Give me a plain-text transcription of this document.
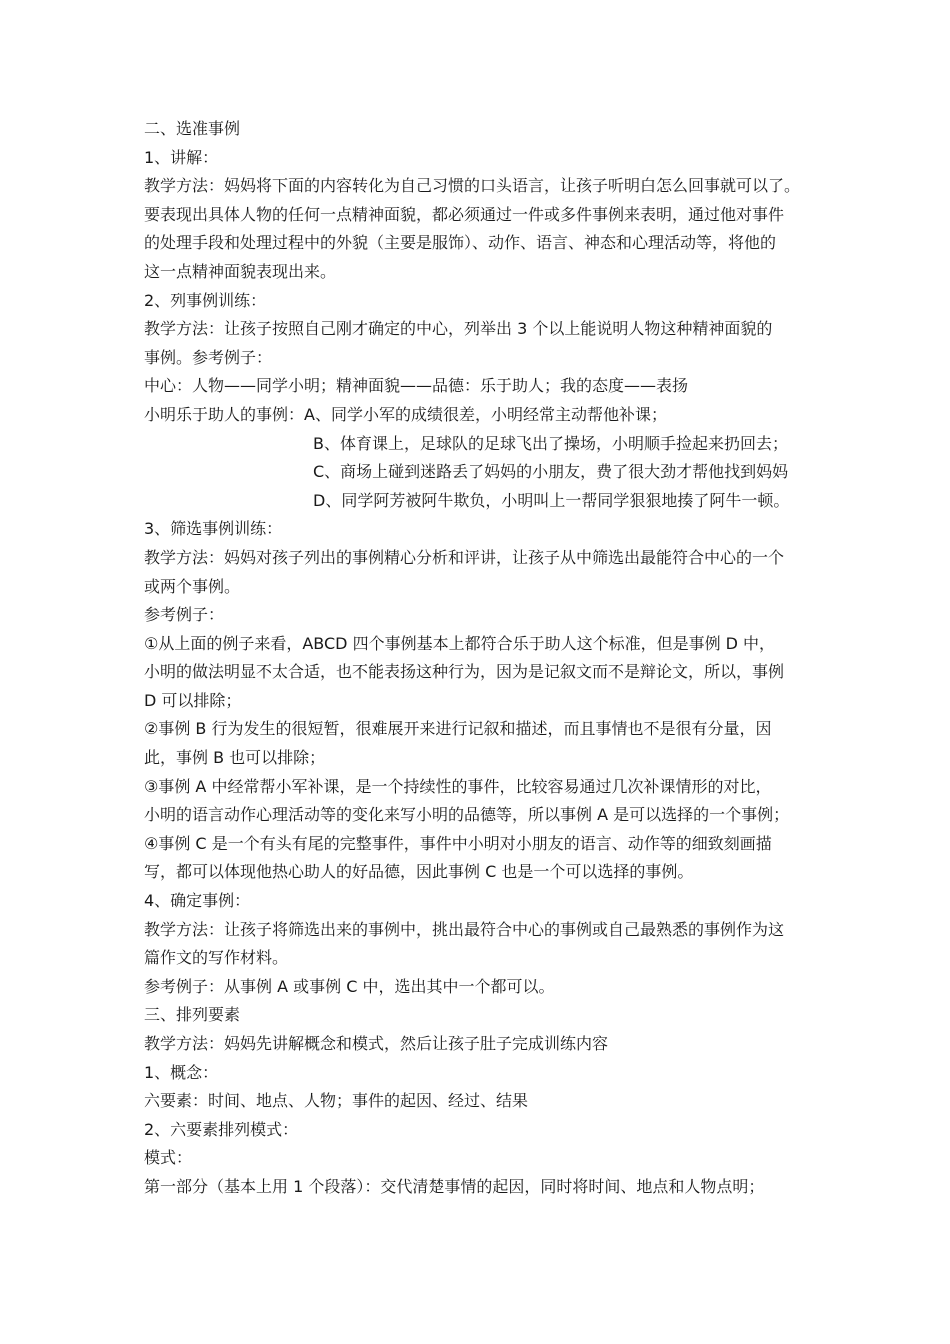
二、选准事例
1、讲解：
教学方法：妈妈将下面的内容转化为自己习惯的口头语言，让孩子听明白怎么回事就可以了。
要表现出具体人物的任何一点精神面貌，都必须通过一件或多件事例来表明，通过他对事件
的处理手段和处理过程中的外貌（主要是服饰）、动作、语言、神态和心理活动等，将他的
这一点精神面貌表现出来。
2、列事例训练：
教学方法：让孩子按照自己刚才确定的中心，列举出 3 个以上能说明人物这种精神面貌的
事例。参考例子：
中心：人物——同学小明；精神面貌——品德：乐于助人；我的态度——表扬
小明乐于助人的事例：A、同学小军的成绩很差，小明经常主动帮他补课；
B、体育课上，足球队的足球飞出了操场，小明顺手捡起来扔回去；
C、商场上碰到迷路丢了妈妈的小朋友，费了很大劲才帮他找到妈妈
D、同学阿芳被阿牛欺负，小明叫上一帮同学狠狠地揍了阿牛一顿。
3、筛选事例训练：
教学方法：妈妈对孩子列出的事例精心分析和评讲，让孩子从中筛选出最能符合中心的一个
或两个事例。
参考例子：
①从上面的例子来看，ABCD 四个事例基本上都符合乐于助人这个标准，但是事例 D 中，
小明的做法明显不太合适，也不能表扬这种行为，因为是记叙文而不是辩论文，所以，事例
D 可以排除；
②事例 B 行为发生的很短暂，很难展开来进行记叙和描述，而且事情也不是很有分量，因
此，事例 B 也可以排除；
③事例 A 中经常帮小军补课，是一个持续性的事件，比较容易通过几次补课情形的对比，
小明的语言动作心理活动等的变化来写小明的品德等，所以事例 A 是可以选择的一个事例；
④事例 C 是一个有头有尾的完整事件，事件中小明对小朋友的语言、动作等的细致刻画描
写，都可以体现他热心助人的好品德，因此事例 C 也是一个可以选择的事例。
4、确定事例：
教学方法：让孩子将筛选出来的事例中，挑出最符合中心的事例或自己最熟悉的事例作为这
篇作文的写作材料。
参考例子：从事例 A 或事例 C 中，选出其中一个都可以。
三、排列要素
教学方法：妈妈先讲解概念和模式，然后让孩子肚子完成训练内容
1、概念：
六要素：时间、地点、人物；事件的起因、经过、结果
2、六要素排列模式：
模式：
第一部分（基本上用 1 个段落）：交代清楚事情的起因，同时将时间、地点和人物点明；
